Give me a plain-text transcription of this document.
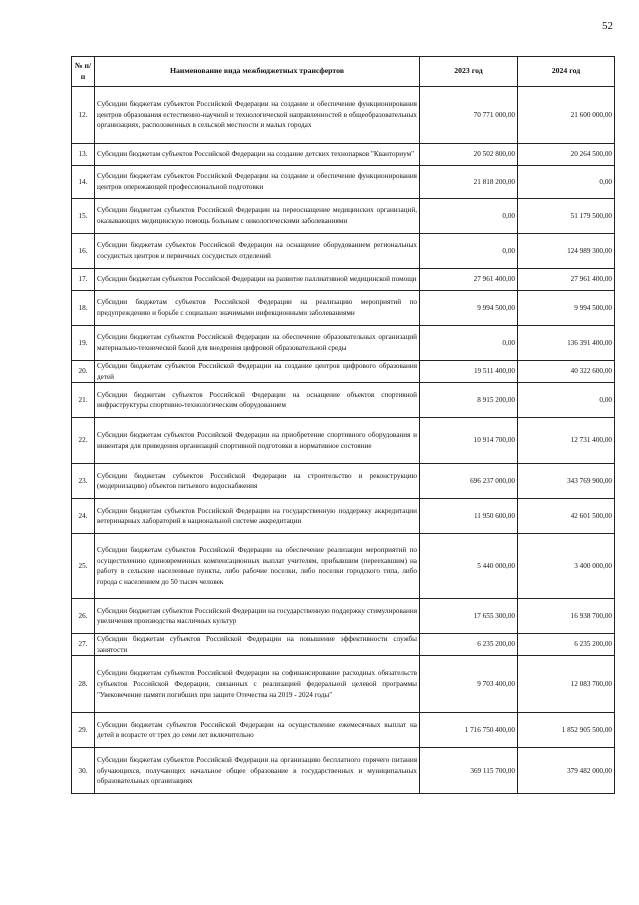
52
№ п/п	Наименование вида межбюджетных трансфертов	2023 год	2024 год
12.	Субсидии бюджетам субъектов Российской Федерации на создание и обеспечение функционирования центров образования естественно-научной и технологической направленностей в общеобразовательных организациях, расположенных в сельской местности и малых городах	70 771 000,00	21 600 000,00
13.	Субсидии бюджетам субъектов Российской Федерации на создание детских технопарков "Кванториум"	20 502 800,00	20 264 500,00
14.	Субсидии бюджетам субъектов Российской Федерации на создание и обеспечение функционирования центров опережающей профессиональной подготовки	21 818 200,00	0,00
15.	Субсидии бюджетам субъектов Российской Федерации на переоснащение медицинских организаций, оказывающих медицинскую помощь больным с онкологическими заболеваниями	0,00	51 179 500,00
16.	Субсидии бюджетам субъектов Российской Федерации на оснащение оборудованием региональных сосудистых центров и первичных сосудистых отделений	0,00	124 989 300,00
17.	Субсидии бюджетам субъектов Российской Федерации на развитие паллиативной медицинской помощи	27 961 400,00	27 961 400,00
18.	Субсидии бюджетам субъектов Российской Федерации на реализацию мероприятий по предупреждению и борьбе с социально значимыми инфекционными заболеваниями	9 994 500,00	9 994 500,00
19.	Субсидии бюджетам субъектов Российской Федерации на обеспечение образовательных организаций материально-технической базой для внедрения цифровой образовательной среды	0,00	136 391 400,00
20.	Субсидии бюджетам субъектов Российской Федерации на создание центров цифрового образования детей	19 511 400,00	40 322 600,00
21.	Субсидии бюджетам субъектов Российской Федерации на оснащение объектов спортивной инфраструктуры спортивно-технологическим оборудованием	8 915 200,00	0,00
22.	Субсидии бюджетам субъектов Российской Федерации на приобретение спортивного оборудования и инвентаря для приведения организаций спортивной подготовки в нормативное состояние	10 914 700,00	12 731 400,00
23.	Субсидии бюджетам субъектов Российской Федерации на строительство и реконструкцию (модернизацию) объектов питьевого водоснабжения	696 237 000,00	343 769 900,00
24.	Субсидии бюджетам субъектов Российской Федерации на государственную поддержку аккредитации ветеринарных лабораторий в национальной системе аккредитации	11 950 600,00	42 601 500,00
25.	Субсидии бюджетам субъектов Российской Федерации на обеспечение реализации мероприятий по осуществлению единовременных компенсационных выплат учителям, прибывшим (переехавшим) на работу в сельские населенные пункты, либо рабочие поселки, либо поселки городского типа, либо города с населением до 50 тысяч человек	5 440 000,00	3 400 000,00
26.	Субсидии бюджетам субъектов Российской Федерации на государственную поддержку стимулирования увеличения производства масличных культур	17 655 300,00	16 938 700,00
27.	Субсидии бюджетам субъектов Российской Федерации на повышение эффективности службы занятости	6 235 200,00	6 235 200,00
28.	Субсидии бюджетам субъектов Российской Федерации на софинансирование расходных обязательств субъектов Российской Федерации, связанных с реализацией федеральной целевой программы "Увековечение памяти погибших при защите Отечества на 2019 - 2024 годы"	9 703 400,00	12 083 700,00
29.	Субсидии бюджетам субъектов Российской Федерации на осуществление ежемесячных выплат на детей в возрасте от трех до семи лет включительно	1 716 750 400,00	1 852 905 500,00
30.	Субсидии бюджетам субъектов Российской Федерации на организацию бесплатного горячего питания обучающихся, получающих начальное общее образование в государственных и муниципальных образовательных организациях	369 115 700,00	379 482 000,00
